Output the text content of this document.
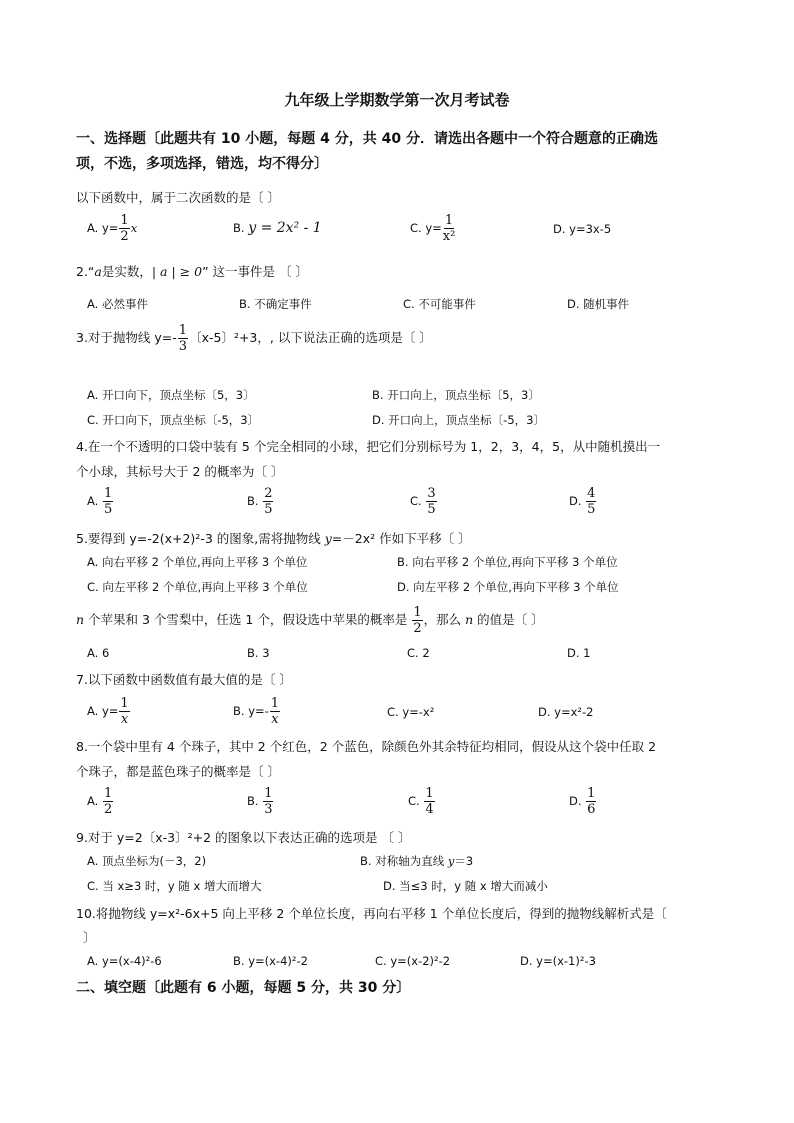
九年级上学期数学第一次月考试卷
一、选择题〔此题共有 10 小题，每题 4 分，共 40 分．请选出各题中一个符合题意的正确选
项，不选，多项选择，错选，均不得分〕
以下函数中，属于二次函数的是〔 〕
A. $y= \frac{1}{2}$ x	B. y = 2x² - 1	C. $y= \frac{1}{\text{x²}}$	D. y=3x-5
2.“a是实数，| a | ≥ 0” 这一事件是 〔 〕
A. 必然事件	B. 不确定事件	C. 不可能事件	D. 随机事件
3.对于抛物线 $y=- \frac{1}{3}$ 〔x-5〕²+3，, 以下说法正确的选项是〔 〕
A. 开口向下，顶点坐标〔5，3〕	B. 开口向上，顶点坐标〔5，3〕
C. 开口向下，顶点坐标〔-5，3〕	D. 开口向上，顶点坐标〔-5，3〕
4.在一个不透明的口袋中装有 5 个完全相同的小球，把它们分别标号为 1，2，3，4，5，从中随机摸出一
个小球，其标号大于 2 的概率为〔 〕
A. $\frac{1}{5}$	B. $\frac{2}{5}$	C. $\frac{3}{5}$	D. $\frac{4}{5}$
5.要得到 y=-2(x+2)²-3 的图象,需将抛物线 y=－2x² 作如下平移〔 〕
A. 向右平移 2 个单位,再向上平移 3 个单位	B. 向右平移 2 个单位,再向下平移 3 个单位
C. 向左平移 2 个单位,再向上平移 3 个单位	D. 向左平移 2 个单位,再向下平移 3 个单位
n 个苹果和 3 个雪梨中，任选 1 个，假设选中苹果的概率是 $\frac{1}{2}$ ，那么 n 的值是〔 〕
A. 6	B. 3	C. 2	D. 1
7.以下函数中函数值有最大值的是〔 〕
A. $y= \frac{1}{x}$	B. $y=- \frac{1}{x}$	C. y=-x²	D. y=x²-2
8.一个袋中里有 4 个珠子，其中 2 个红色，2 个蓝色，除颜色外其余特征均相同，假设从这个袋中任取 2
个珠子，都是蓝色珠子的概率是〔 〕
A. $\frac{1}{2}$	B. $\frac{1}{3}$	C. $\frac{1}{4}$	D. $\frac{1}{6}$
9.对于 y=2〔x-3〕²+2 的图象以下表达正确的选项是 〔 〕
A. 顶点坐标为(－3，2)	B. 对称轴为直线 y＝3
C. 当 x≥3 时，y 随 x 增大而增大	D. 当≤3 时，y 随 x 增大而减小
10.将抛物线 y=x²-6x+5 向上平移 2 个单位长度，再向右平移 1 个单位长度后，得到的抛物线解析式是〔
〕
A. y=(x-4)²-6	B. y=(x-4)²-2	C. y=(x-2)²-2	D. y=(x-1)²-3
二、填空题〔此题有 6 小题，每题 5 分，共 30 分〕
